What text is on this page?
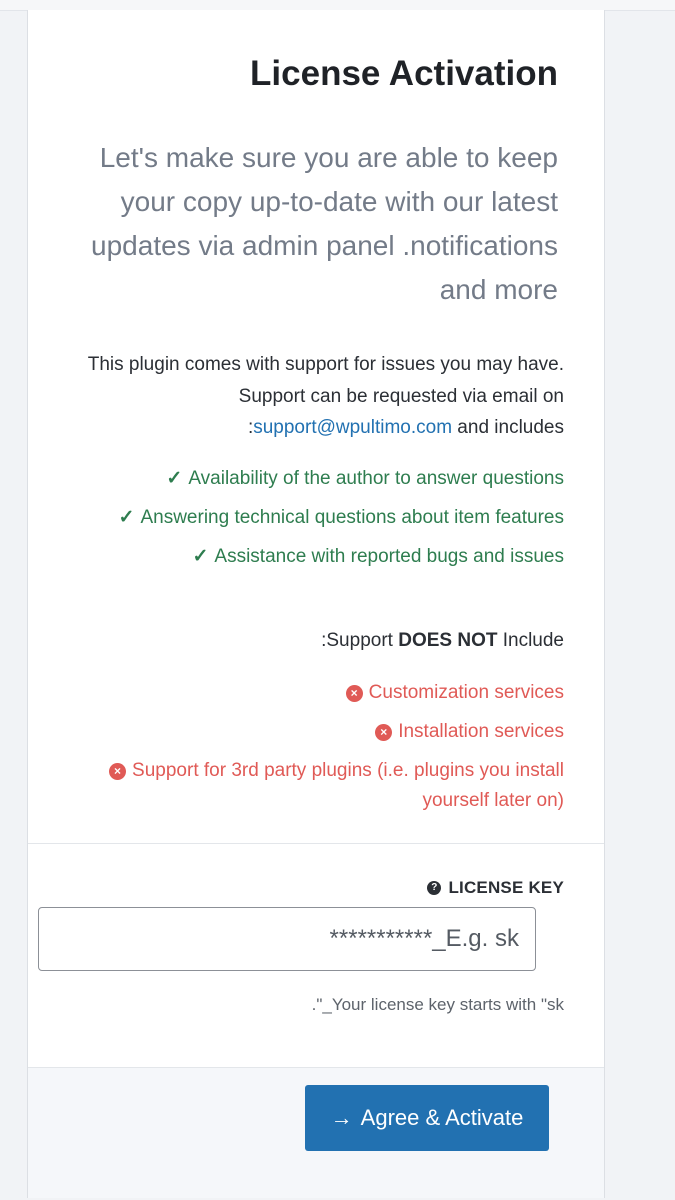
License Activation

Let's make sure you are able to keep your copy up-to-date with our latest updates via admin panel .notifications and more

This plugin comes with support for issues you may have. Support can be requested via email on :support@wpultimo.com and includes

✓ Availability of the author to answer questions
✓ Answering technical questions about item features
✓ Assistance with reported bugs and issues

:Support DOES NOT Include

× Customization services
× Installation services
× Support for 3rd party plugins (i.e. plugins you install yourself later on)
? LICENSE KEY

."_Your license key starts with "sk

***********_E.g. sk
→ Agree & Activate
